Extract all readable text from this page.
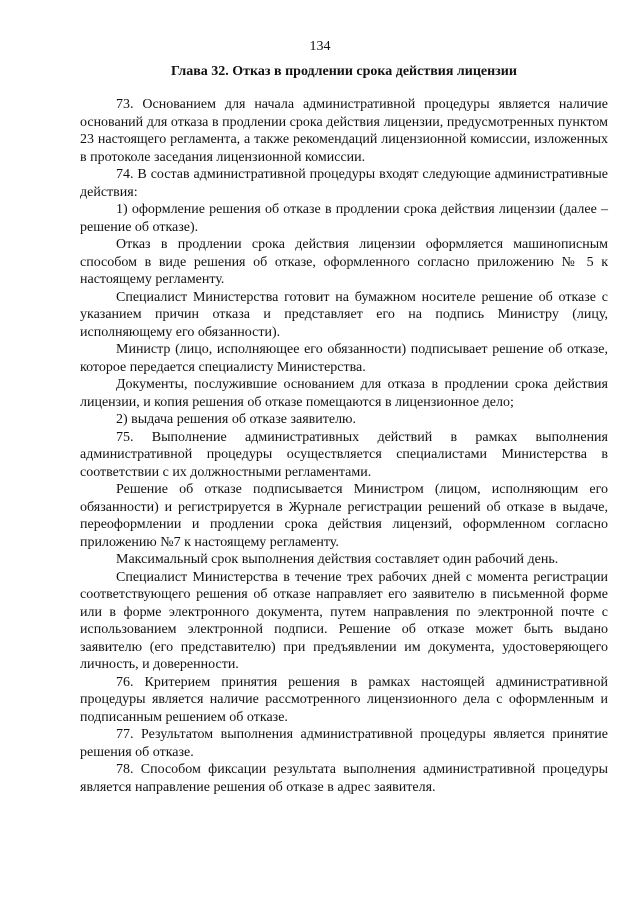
134
Глава 32. Отказ в продлении срока действия лицензии

73. Основанием для начала административной процедуры является наличие оснований для отказа в продлении срока действия лицензии, предусмотренных пунктом 23 настоящего регламента, а также рекомендаций лицензионной комиссии, изложенных в протоколе заседания лицензионной комиссии.

74. В состав административной процедуры входят следующие административные действия:

1) оформление решения об отказе в продлении срока действия лицензии (далее – решение об отказе).

Отказ в продлении срока действия лицензии оформляется машинописным способом в виде решения об отказе, оформленного согласно приложению № 5 к настоящему регламенту.

Специалист Министерства готовит на бумажном носителе решение об отказе с указанием причин отказа и представляет его на подпись Министру (лицу, исполняющему его обязанности).

Министр (лицо, исполняющее его обязанности) подписывает решение об отказе, которое передается специалисту Министерства.

Документы, послужившие основанием для отказа в продлении срока действия лицензии, и копия решения об отказе помещаются в лицензионное дело;

2) выдача решения об отказе заявителю.

75. Выполнение административных действий в рамках выполнения административной процедуры осуществляется специалистами Министерства в соответствии с их должностными регламентами.

Решение об отказе подписывается Министром (лицом, исполняющим его обязанности) и регистрируется в Журнале регистрации решений об отказе в выдаче, переоформлении и продлении срока действия лицензий, оформленном согласно приложению №7 к настоящему регламенту.

Максимальный срок выполнения действия составляет один рабочий день.

Специалист Министерства в течение трех рабочих дней с момента регистрации соответствующего решения об отказе направляет его заявителю в письменной форме или в форме электронного документа, путем направления по электронной почте с использованием электронной подписи. Решение об отказе может быть выдано заявителю (его представителю) при предъявлении им документа, удостоверяющего личность, и доверенности.

76. Критерием принятия решения в рамках настоящей административной процедуры является наличие рассмотренного лицензионного дела с оформленным и подписанным решением об отказе.

77. Результатом выполнения административной процедуры является принятие решения об отказе.

78. Способом фиксации результата выполнения административной процедуры является направление решения об отказе в адрес заявителя.
